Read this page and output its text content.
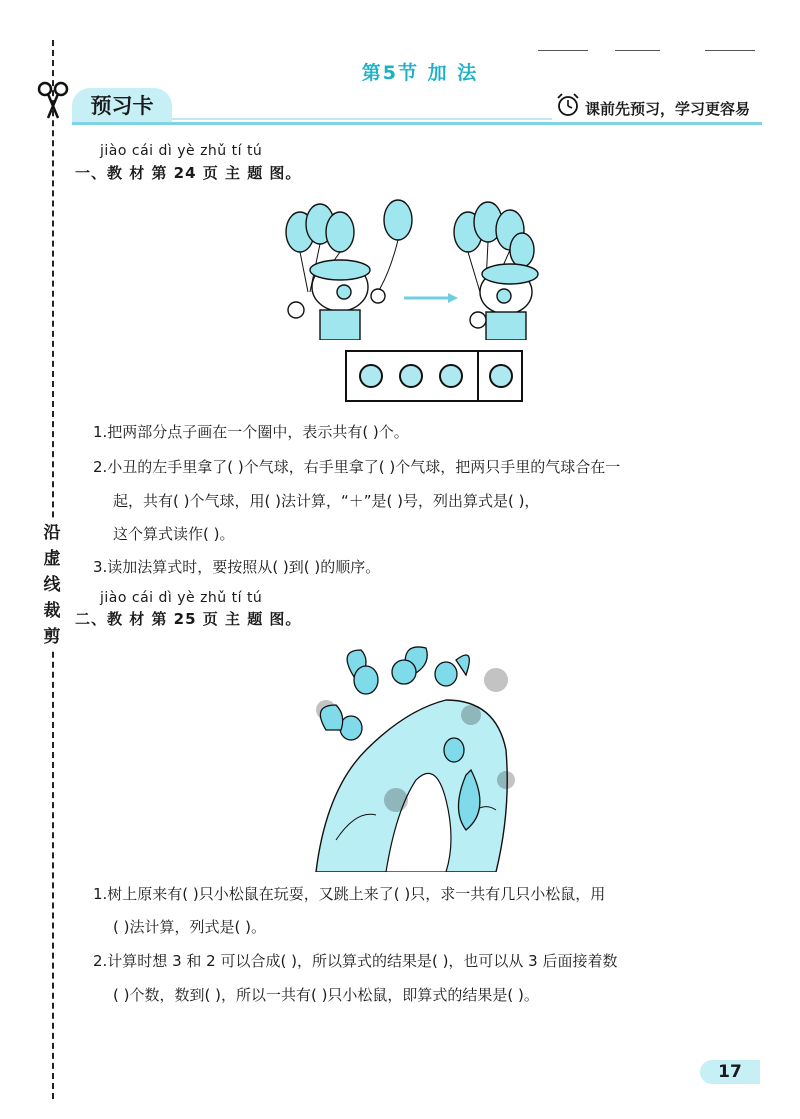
沿
虚
线
裁
剪
第5节 加 法
预习卡	课前先预习，学习更容易
jiào cái dì yè zhǔ tí tú
一、教 材 第 24 页 主 题 图。
1.把两部分点子画在一个圈中，表示共有( )个。
2.小丑的左手里拿了( )个气球，右手里拿了( )个气球，把两只手里的气球合在一
起，共有( )个气球，用( )法计算，“＋”是( )号，列出算式是( )，
这个算式读作( )。
3.读加法算式时，要按照从( )到( )的顺序。
jiào cái dì yè zhǔ tí tú
二、教 材 第 25 页 主 题 图。
1.树上原来有( )只小松鼠在玩耍，又跳上来了( )只，求一共有几只小松鼠，用
( )法计算，列式是( )。
2.计算时想 3 和 2 可以合成( )，所以算式的结果是( )，也可以从 3 后面接着数
( )个数，数到( )，所以一共有( )只小松鼠，即算式的结果是( )。
17
